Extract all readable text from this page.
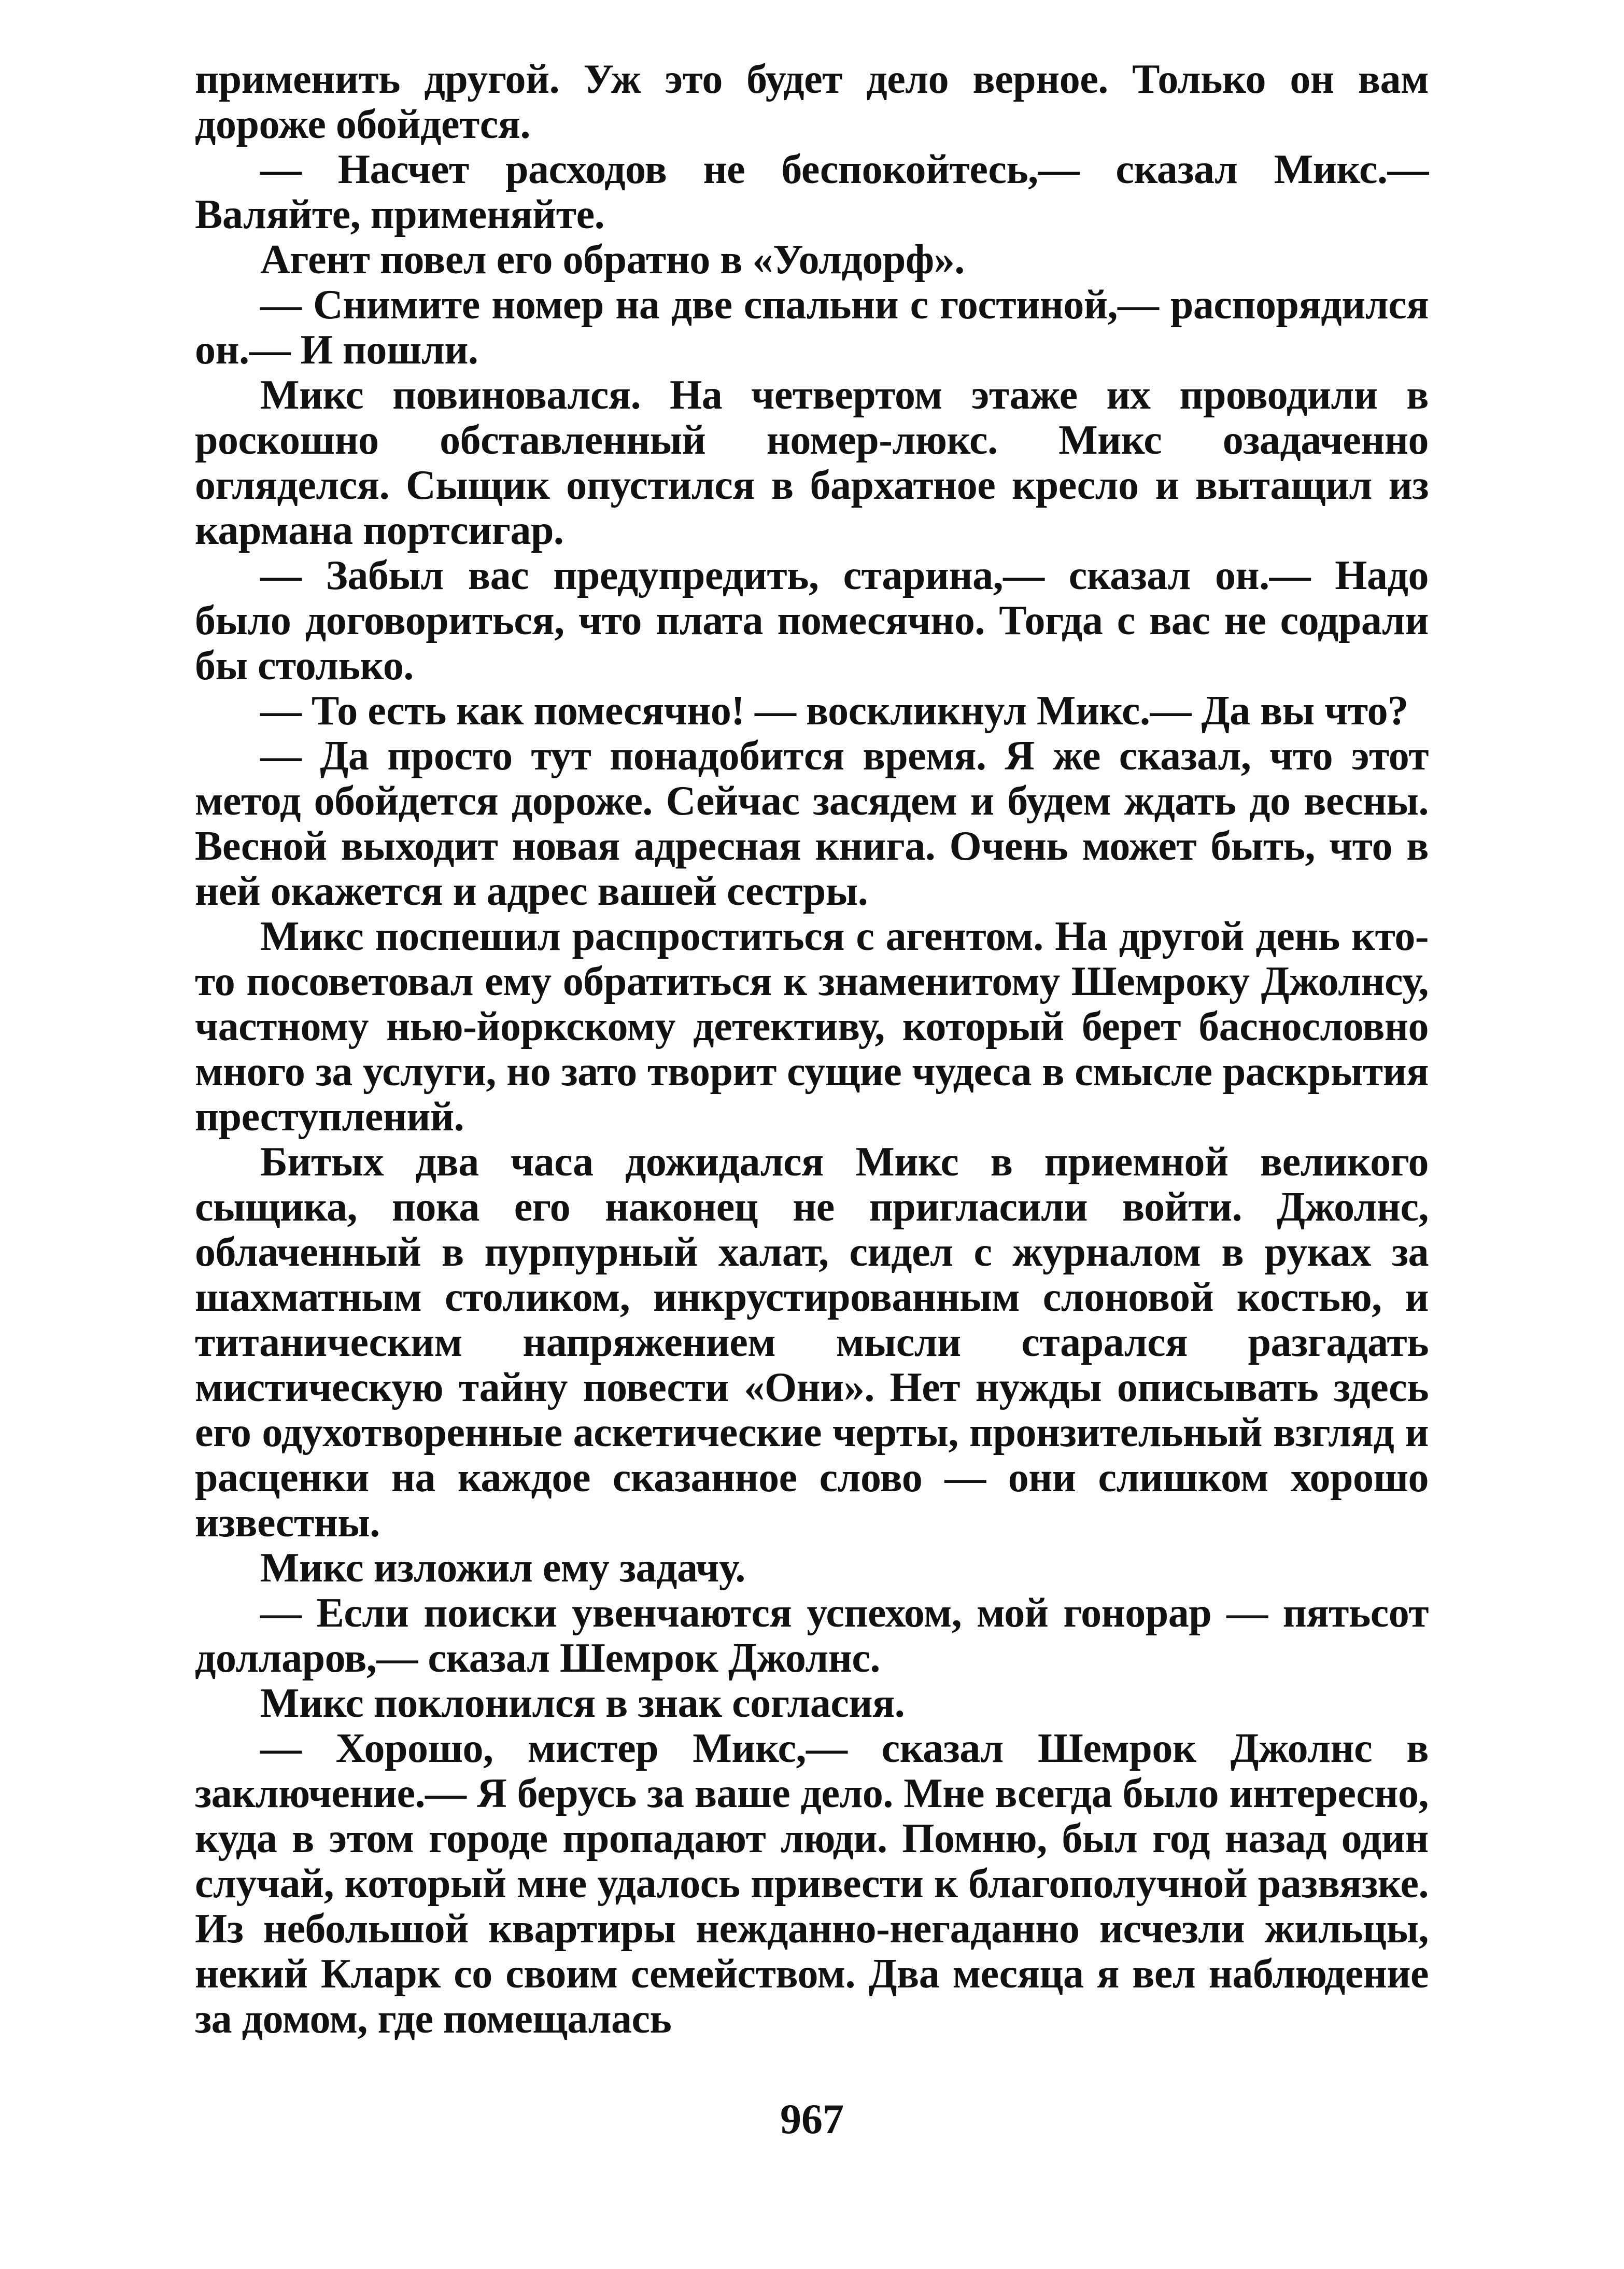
применить другой. Уж это будет дело верное. Только он вам дороже обойдется.

— Насчет расходов не беспокойтесь,— сказал Микс.— Валяйте, применяйте.

Агент повел его обратно в «Уолдорф».

— Снимите номер на две спальни с гостиной,— распорядился он.— И пошли.

Микс повиновался. На четвертом этаже их проводили в роскошно обставленный номер-люкс. Микс озадаченно огляделся. Сыщик опустился в бархатное кресло и вытащил из кармана портсигар.

— Забыл вас предупредить, старина,— сказал он.— Надо было договориться, что плата помесячно. Тогда с вас не содрали бы столько.

— То есть как помесячно! — воскликнул Микс.— Да вы что?

— Да просто тут понадобится время. Я же сказал, что этот метод обойдется дороже. Сейчас засядем и будем ждать до весны. Весной выходит новая адресная книга. Очень может быть, что в ней окажется и адрес вашей сестры.

Микс поспешил распроститься с агентом. На другой день кто-то посоветовал ему обратиться к знаменитому Шемроку Джолнсу, частному нью-йоркскому детективу, который берет баснословно много за услуги, но зато творит сущие чудеса в смысле раскрытия преступлений.

Битых два часа дожидался Микс в приемной великого сыщика, пока его наконец не пригласили войти. Джолнс, облаченный в пурпурный халат, сидел с журналом в руках за шахматным столиком, инкрустированным слоновой костью, и титаническим напряжением мысли старался разгадать мистическую тайну повести «Они». Нет нужды описывать здесь его одухотворенные аскетические черты, пронзительный взгляд и расценки на каждое сказанное слово — они слишком хорошо известны.

Микс изложил ему задачу.

— Если поиски увенчаются успехом, мой гонорар — пятьсот долларов,— сказал Шемрок Джолнс.

Микс поклонился в знак согласия.

— Хорошо, мистер Микс,— сказал Шемрок Джолнс в заключение.— Я берусь за ваше дело. Мне всегда было интересно, куда в этом городе пропадают люди. Помню, был год назад один случай, который мне удалось привести к благополучной развязке. Из небольшой квартиры нежданно-негаданно исчезли жильцы, некий Кларк со своим семейством. Два месяца я вел наблюдение за домом, где помещалась

967
